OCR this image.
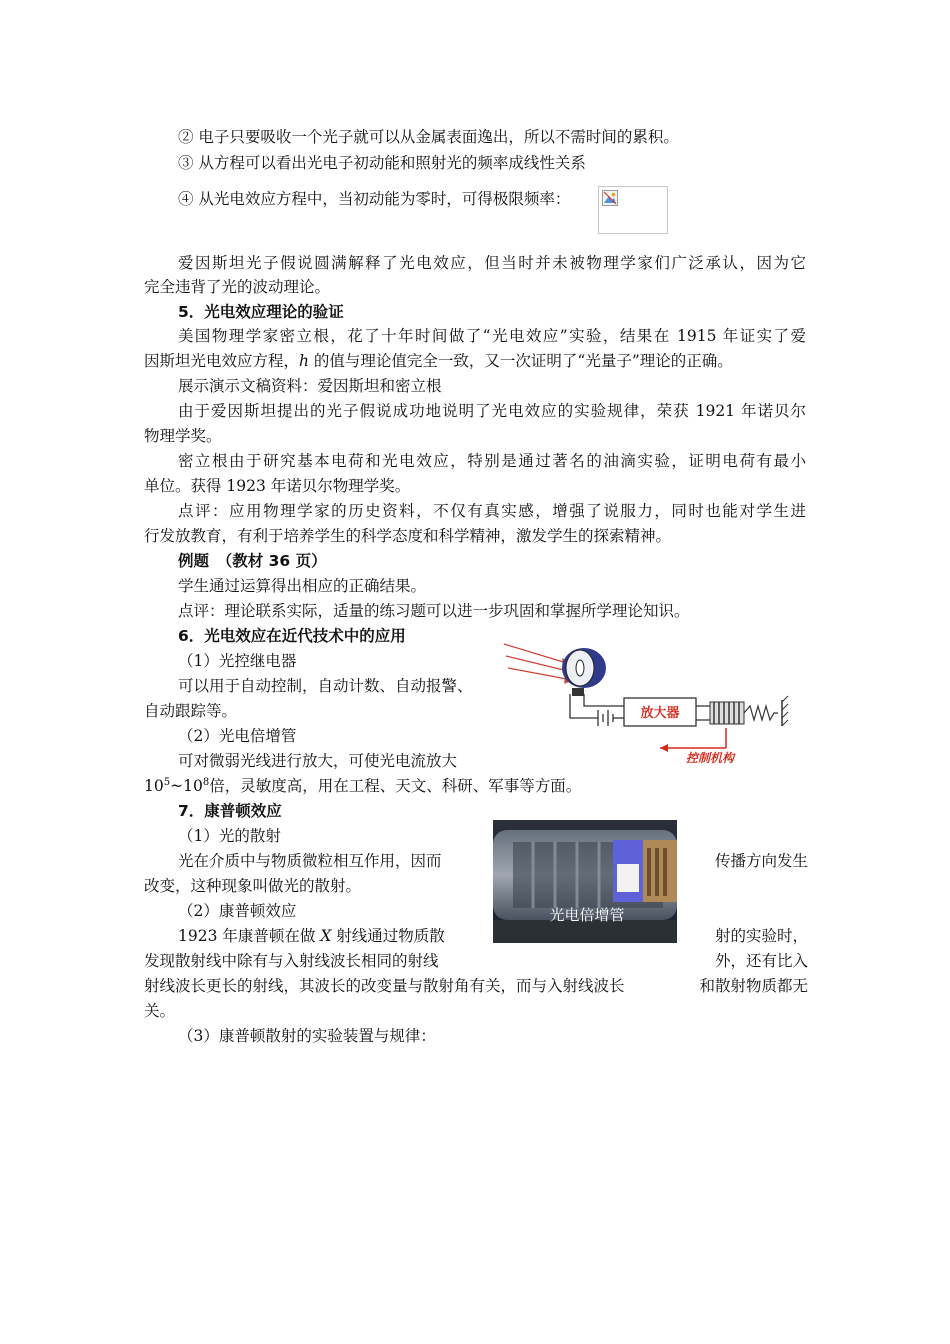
② 电子只要吸收一个光子就可以从金属表面逸出，所以不需时间的累积。
③ 从方程可以看出光电子初动能和照射光的频率成线性关系
④ 从光电效应方程中，当初动能为零时，可得极限频率：
爱因斯坦光子假说圆满解释了光电效应，但当时并未被物理学家们广泛承认，因为它
完全违背了光的波动理论。
5．光电效应理论的验证
美国物理学家密立根，花了十年时间做了“光电效应”实验，结果在 1915 年证实了爱
因斯坦光电效应方程，h 的值与理论值完全一致，又一次证明了“光量子”理论的正确。
展示演示文稿资料：爱因斯坦和密立根
由于爱因斯坦提出的光子假说成功地说明了光电效应的实验规律，荣获 1921 年诺贝尔
物理学奖。
密立根由于研究基本电荷和光电效应，特别是通过著名的油滴实验，证明电荷有最小
单位。获得 1923 年诺贝尔物理学奖。
点评：应用物理学家的历史资料，不仅有真实感，增强了说服力，同时也能对学生进
行发放教育，有利于培养学生的科学态度和科学精神，激发学生的探索精神。
例题　（教材 36 页）
学生通过运算得出相应的正确结果。
点评：理论联系实际，适量的练习题可以进一步巩固和掌握所学理论知识。
6．光电效应在近代技术中的应用
（1）光控继电器
可以用于自动控制，自动计数、自动报警、
自动跟踪等。
（2）光电倍增管
可对微弱光线进行放大，可使光电流放大
$10^5\sim 10^8$倍，灵敏度高，用在工程、天文、科研、军事等方面。
放大器
控制机构
7．康普顿效应
（1）光的散射
光电倍增管
光在介质中与物质微粒相互作用，因而	传播方向发生
改变，这种现象叫做光的散射。
（2）康普顿效应
1923 年康普顿在做 X 射线通过物质散	射的实验时，
发现散射线中除有与入射线波长相同的射线	外，还有比入
射线波长更长的射线，其波长的改变量与散射角有关，而与入射线波长	和散射物质都无
关。
（3）康普顿散射的实验装置与规律：
